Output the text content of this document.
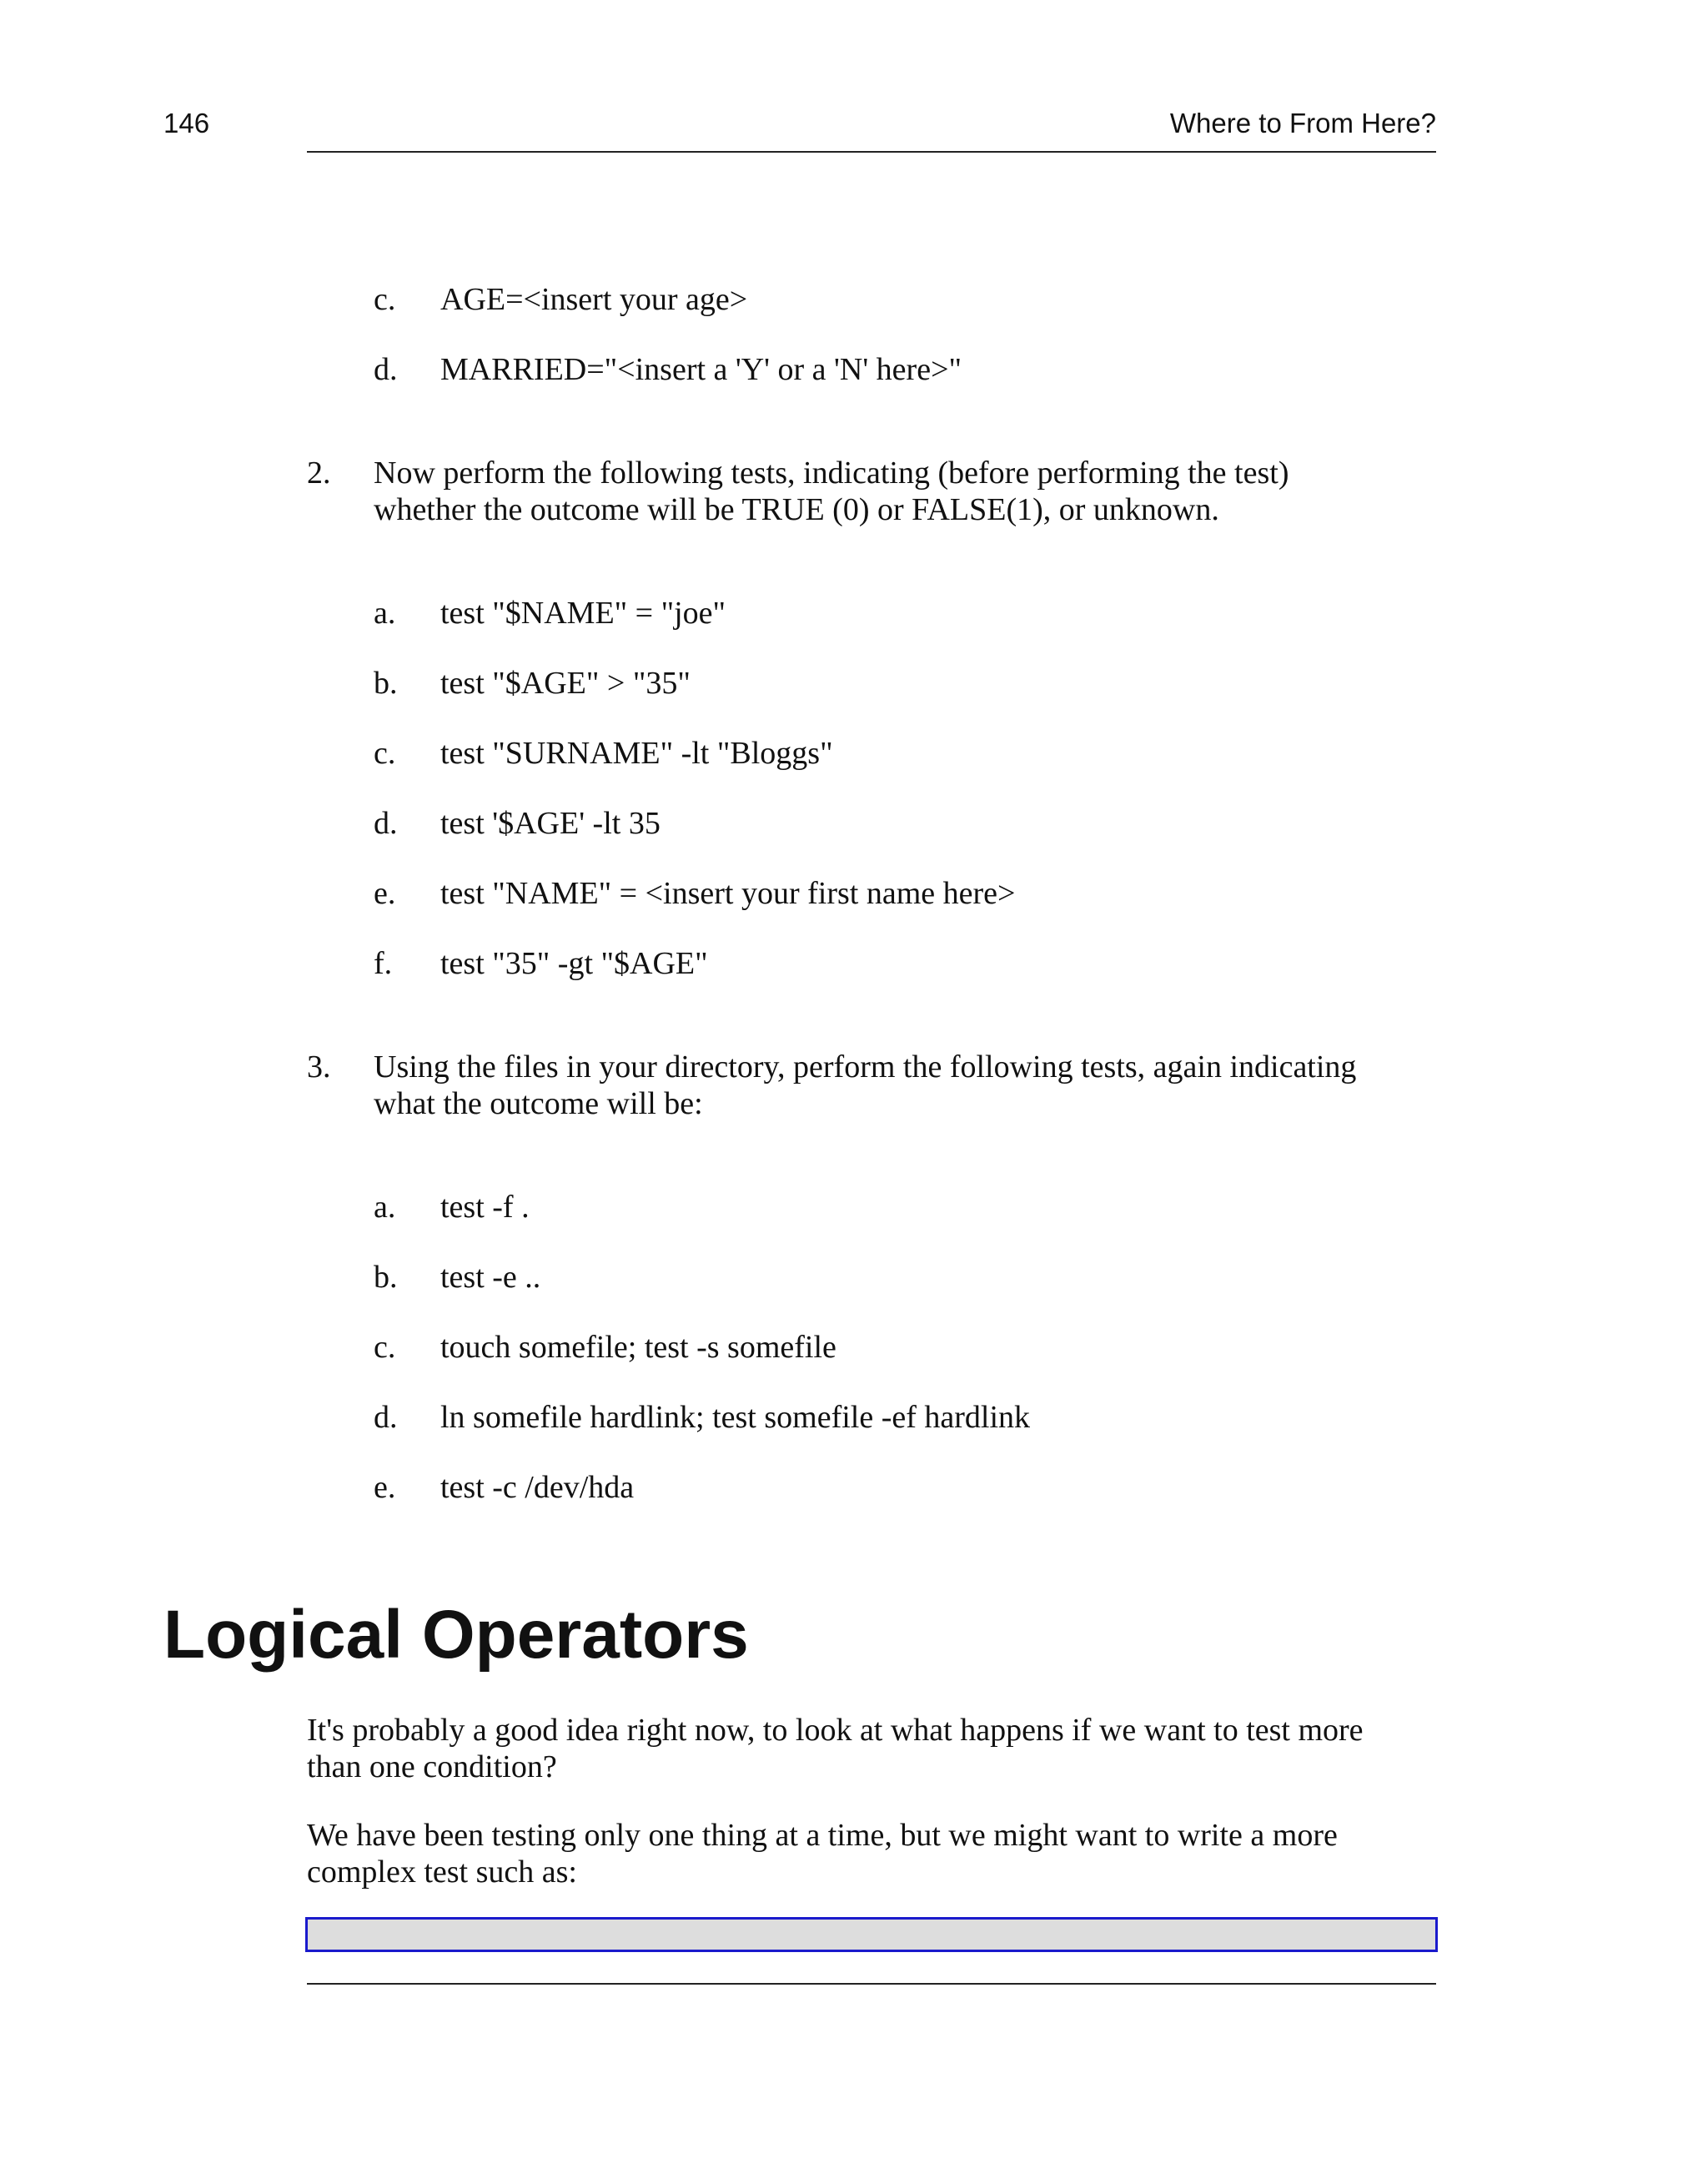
146	Where to From Here?
c. AGE=<insert your age>
d. MARRIED="<insert a 'Y' or a 'N' here>"
2. Now perform the following tests, indicating (before performing the test)
whether the outcome will be TRUE (0) or FALSE(1), or unknown.
a. test "$NAME" = "joe"
b. test "$AGE" > "35"
c. test "SURNAME" -lt "Bloggs"
d. test '$AGE' -lt 35
e. test "NAME" = <insert your first name here>
f. test "35" -gt "$AGE"
3. Using the files in your directory, perform the following tests, again indicating
what the outcome will be:
a. test -f .
b. test -e ..
c. touch somefile; test -s somefile
d. ln somefile hardlink; test somefile -ef hardlink
e. test -c /dev/hda
Logical Operators
It's probably a good idea right now, to look at what happens if we want to test more
than one condition?
We have been testing only one thing at a time, but we might want to write a more
complex test such as:
